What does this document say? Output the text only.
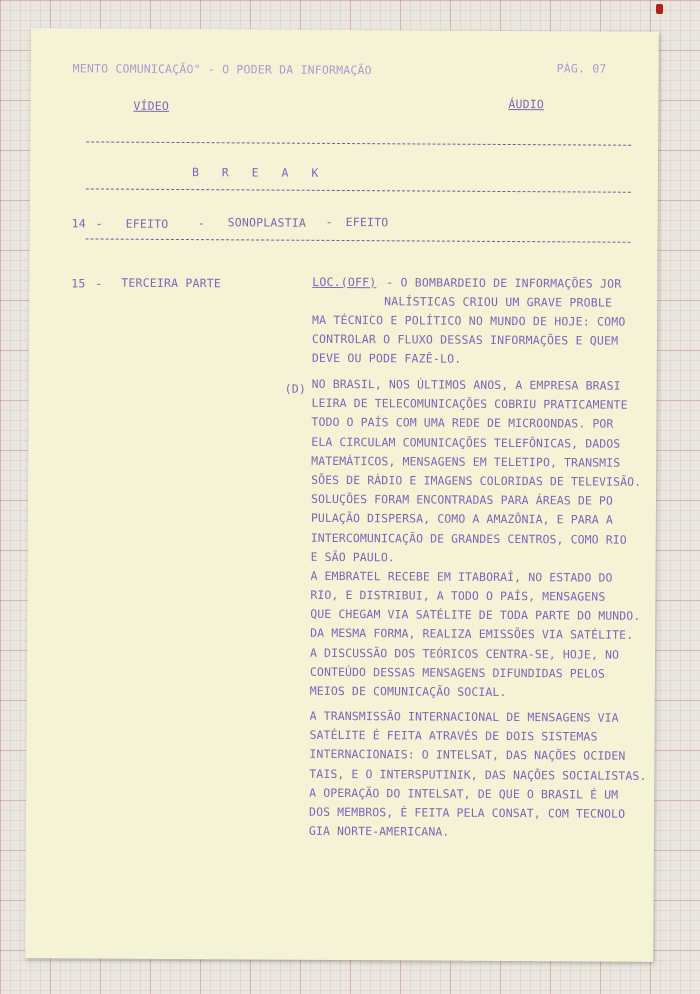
MENTO COMUNICAÇÃO" - O PODER DA INFORMAÇÃO	PÁG. 07
VÍDEO	ÁUDIO
B R E A K
14 - EFEITO	- SONOPLASTIA - EFEITO
15 - TERCEIRA PARTE	LOC.(OFF) - O BOMBARDEIO DE INFORMAÇÕES JOR
NALÍSTICAS CRIOU UM GRAVE PROBLE
MA TÉCNICO E POLÍTICO NO MUNDO DE HOJE: COMO
CONTROLAR O FLUXO DESSAS INFORMAÇÕES E QUEM
DEVE OU PODE FAZÊ-LO.
(D) NO BRASIL, NOS ÚLTIMOS ANOS, A EMPRESA BRASI
LEIRA DE TELECOMUNICAÇÕES COBRIU PRATICAMENTE
TODO O PAÍS COM UMA REDE DE MICROONDAS. POR
ELA CIRCULAM COMUNICAÇÕES TELEFÔNICAS, DADOS
MATEMÁTICOS, MENSAGENS EM TELETIPO, TRANSMIS
SÕES DE RÁDIO E IMAGENS COLORIDAS DE TELEVISÃO.
SOLUÇÕES FORAM ENCONTRADAS PARA ÁREAS DE PO
PULAÇÃO DISPERSA, COMO A AMAZÔNIA, E PARA A
INTERCOMUNICAÇÃO DE GRANDES CENTROS, COMO RIO
E SÃO PAULO.
A EMBRATEL RECEBE EM ITABORAÍ, NO ESTADO DO
RIO, E DISTRIBUI, A TODO O PAÍS, MENSAGENS
QUE CHEGAM VIA SATÉLITE DE TODA PARTE DO MUNDO.
DA MESMA FORMA, REALIZA EMISSÕES VIA SATÉLITE.
A DISCUSSÃO DOS TEÓRICOS CENTRA-SE, HOJE, NO
CONTEÚDO DESSAS MENSAGENS DIFUNDIDAS PELOS
MEIOS DE COMUNICAÇÃO SOCIAL.
A TRANSMISSÃO INTERNACIONAL DE MENSAGENS VIA
SATÉLITE É FEITA ATRAVÉS DE DOIS SISTEMAS
INTERNACIONAIS: O INTELSAT, DAS NAÇÕES OCIDEN
TAIS, E O INTERSPUTINIK, DAS NAÇÕES SOCIALISTAS.
A OPERAÇÃO DO INTELSAT, DE QUE O BRASIL É UM
DOS MEMBROS, É FEITA PELA CONSAT, COM TECNOLO
GIA NORTE-AMERICANA.
